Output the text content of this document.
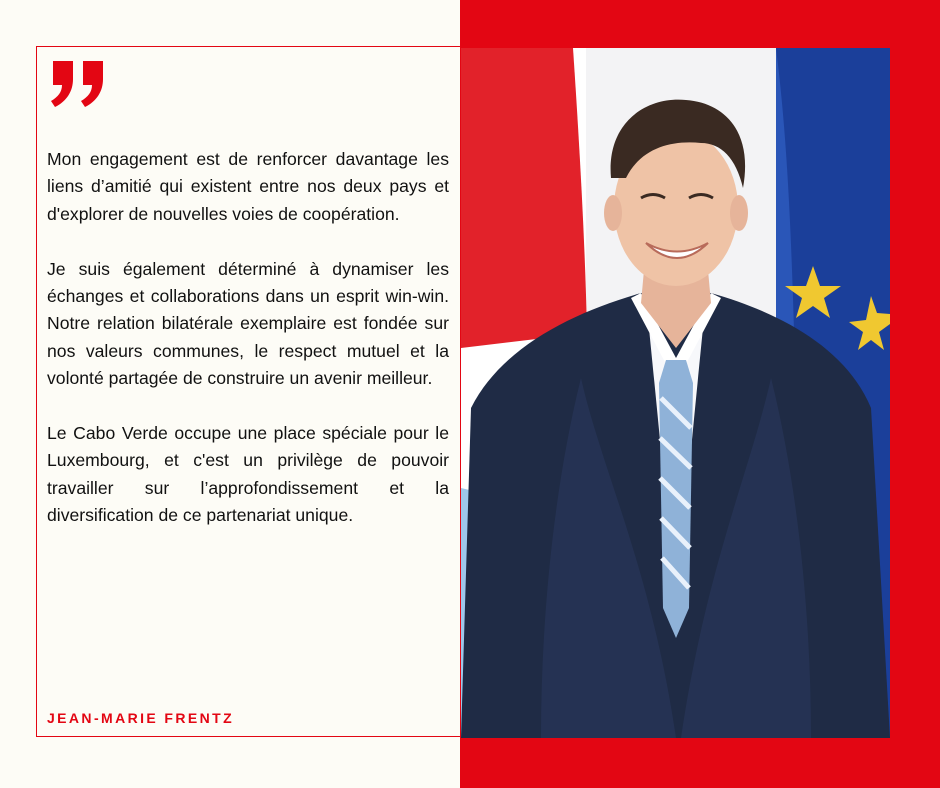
Mon engagement est de renforcer davantage les liens d’amitié qui existent entre nos deux pays et d'explorer de nouvelles voies de coopération.

Je suis également déterminé à dynamiser les échanges et collaborations dans un esprit win-win. Notre relation bilatérale exemplaire est fondée sur nos valeurs communes, le respect mutuel et la volonté partagée de construire un avenir meilleur.

Le Cabo Verde occupe une place spéciale pour le Luxembourg, et c'est un privilège de pouvoir travailler sur l’approfondissement et la diversification de ce partenariat unique.

JEAN-MARIE FRENTZ
